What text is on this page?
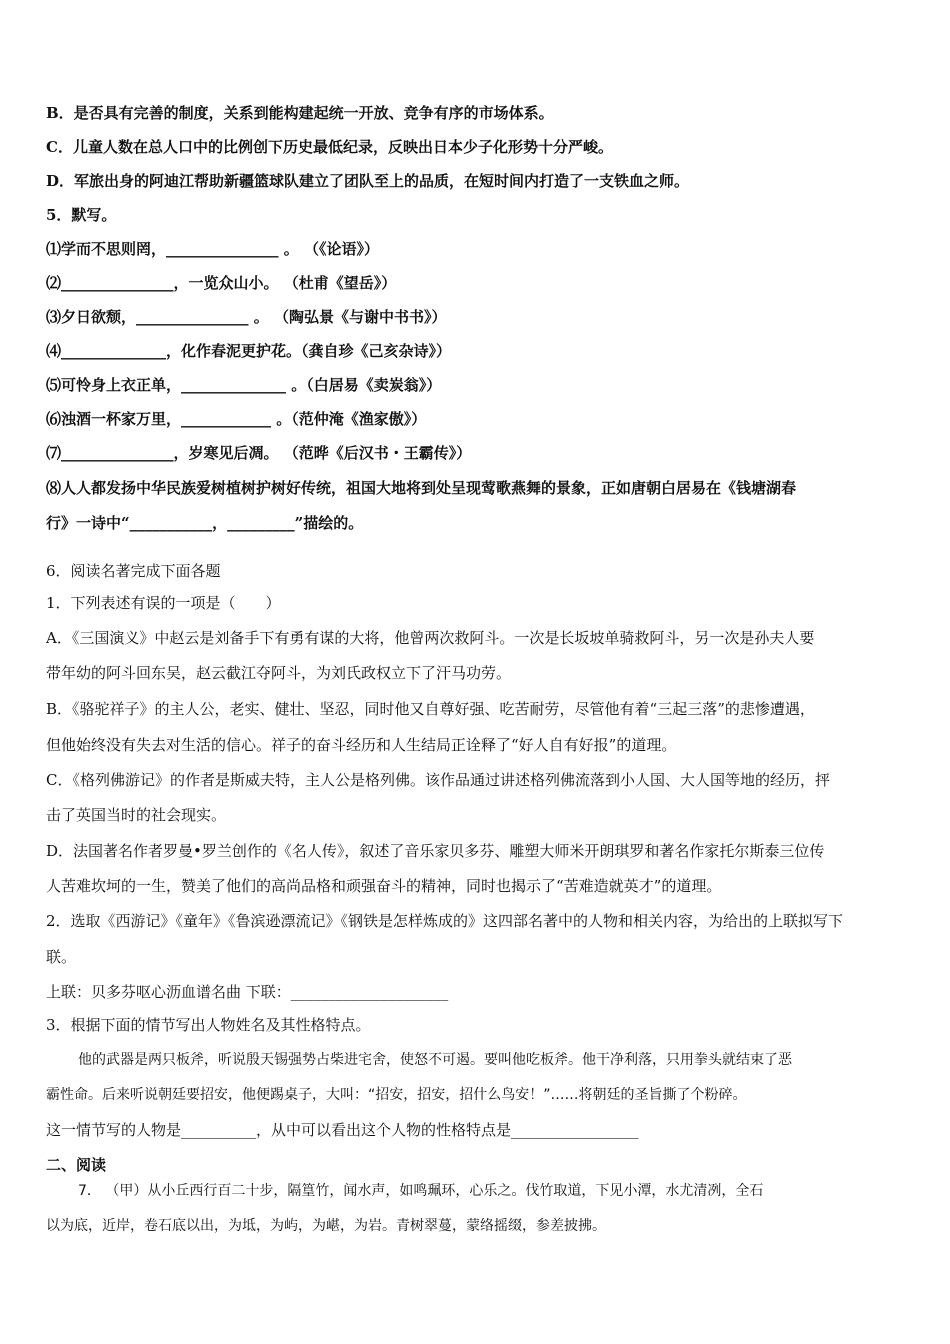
B．是否具有完善的制度，关系到能构建起统一开放、竞争有序的市场体系。
C．儿童人数在总人口中的比例创下历史最低纪录，反映出日本少子化形势十分严峻。
D．军旅出身的阿迪江帮助新疆篮球队建立了团队至上的品质，在短时间内打造了一支铁血之师。
5．默写。
⑴学而不思则罔，_______________ 。 （《论语》）
⑵_______________，一览众山小。 （杜甫《望岳》）
⑶夕日欲颓，_______________ 。 （陶弘景《与谢中书书》）
⑷______________，化作春泥更护花。（龚自珍《己亥杂诗》）
⑸可怜身上衣正单，______________ 。（白居易《卖炭翁》）
⑹浊酒一杯家万里，____________ 。（范仲淹《渔家傲》）
⑺_______________，岁寒见后凋。 （范晔《后汉书・王霸传》）
⑻人人都发扬中华民族爱树植树护树好传统，祖国大地将到处呈现莺歌燕舞的景象，正如唐朝白居易在《钱塘湖春
行》一诗中“___________，_________”描绘的。
6．阅读名著完成下面各题
1．下列表述有误的一项是（　　）
A．《三国演义》中赵云是刘备手下有勇有谋的大将，他曾两次救阿斗。一次是长坂坡单骑救阿斗，另一次是孙夫人要
带年幼的阿斗回东吴，赵云截江夺阿斗，为刘氏政权立下了汗马功劳。
B．《骆驼祥子》的主人公，老实、健壮、坚忍，同时他又自尊好强、吃苦耐劳，尽管他有着“三起三落”的悲惨遭遇，
但他始终没有失去对生活的信心。祥子的奋斗经历和人生结局正诠释了“好人自有好报”的道理。
C．《格列佛游记》的作者是斯威夫特，主人公是格列佛。该作品通过讲述格列佛流落到小人国、大人国等地的经历，抨
击了英国当时的社会现实。
D．法国著名作者罗曼•罗兰创作的《名人传》，叙述了音乐家贝多芬、雕塑大师米开朗琪罗和著名作家托尔斯泰三位传
人苦难坎坷的一生，赞美了他们的高尚品格和顽强奋斗的精神，同时也揭示了“苦难造就英才”的道理。
2．选取《西游记》《童年》《鲁滨逊漂流记》《钢铁是怎样炼成的》这四部名著中的人物和相关内容，为给出的上联拟写下
联。
上联：贝多芬呕心沥血谱名曲 下联：_____________________
3．根据下面的情节写出人物姓名及其性格特点。
他的武器是两只板斧，听说殷天锡强势占柴进宅舍，使怒不可遏。要叫他吃板斧。他干净利落，只用拳头就结束了恶
霸性命。后来听说朝廷要招安，他便踢桌子，大叫：“招安，招安，招什么鸟安！”……将朝廷的圣旨撕了个粉碎。
这一情节写的人物是__________，从中可以看出这个人物的性格特点是_________________
二、阅读
7． （甲）从小丘西行百二十步，隔篁竹，闻水声，如鸣珮环，心乐之。伐竹取道，下见小潭，水尤清冽，全石
以为底，近岸，卷石底以出，为坻，为屿，为嵁，为岩。青树翠蔓，蒙络摇缀，参差披拂。
